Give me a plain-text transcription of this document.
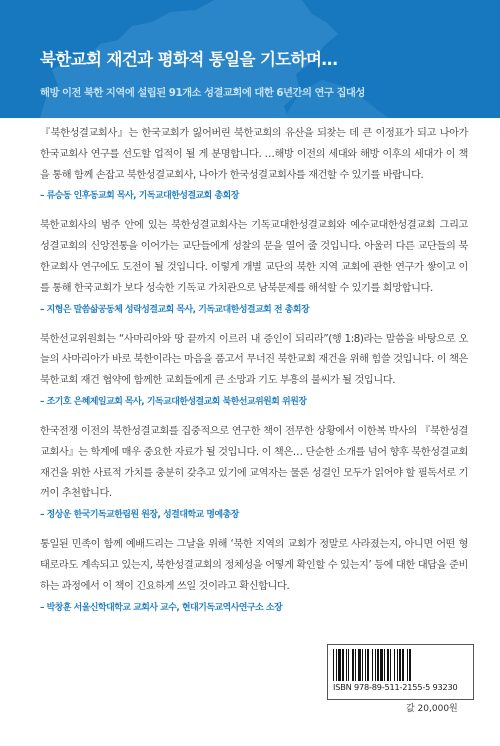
북한교회 재건과 평화적 통일을 기도하며…

해방 이전 북한 지역에 설립된 91개소 성결교회에 대한 6년간의 연구 집대성

『북한성결교회사』는 한국교회가 잃어버린 북한교회의 유산을 되찾는 데 큰 이정표가 되고 나아가 한국교회사 연구를 선도할 업적이 될 게 분명합니다. …해방 이전의 세대와 해방 이후의 세대가 이 책을 통해 함께 손잡고 북한성결교회사, 나아가 한국성결교회사를 재건할 수 있기를 바랍니다.

– 류승동 인후동교회 목사, 기독교대한성결교회 총회장

북한교회사의 범주 안에 있는 북한성결교회사는 기독교대한성결교회와 예수교대한성결교회 그리고 성결교회의 신앙전통을 이어가는 교단들에게 성찰의 문을 열어 줄 것입니다. 아울러 다른 교단들의 북한교회사 연구에도 도전이 될 것입니다. 이렇게 개별 교단의 북한 지역 교회에 관한 연구가 쌓이고 이를 통해 한국교회가 보다 성숙한 기독교 가치관으로 남북문제를 해석할 수 있기를 희망합니다.

– 지형은 말씀삶공동체 성락성결교회 목사, 기독교대한성결교회 전 총회장

북한선교위원회는 “사마리아와 땅 끝까지 이르러 내 증인이 되리라”(행 1:8)라는 말씀을 바탕으로 오늘의 사마리아가 바로 북한이라는 마음을 품고서 무너진 북한교회 재건을 위해 힘쓸 것입니다. 이 책은 북한교회 재건 협약에 함께한 교회들에게 큰 소망과 기도 부흥의 불씨가 될 것입니다.

– 조기호 은혜제일교회 목사, 기독교대한성결교회 북한선교위원회 위원장

한국전쟁 이전의 북한성결교회를 집중적으로 연구한 책이 전무한 상황에서 이한복 박사의 『북한성결교회사』는 학계에 매우 중요한 자료가 될 것입니다. 이 책은… 단순한 소개를 넘어 향후 북한성결교회 재건을 위한 사료적 가치를 충분히 갖추고 있기에 교역자는 물론 성결인 모두가 읽어야 할 필독서로 기꺼이 추천합니다.

– 정상운 한국기독교한림원 원장, 성결대학교 명예총장

통일된 민족이 함께 예배드리는 그날을 위해 ‘북한 지역의 교회가 정말로 사라졌는지, 아니면 어떤 형태로라도 계속되고 있는지, 북한성결교회의 정체성을 어떻게 확인할 수 있는지’ 등에 대한 대답을 준비하는 과정에서 이 책이 긴요하게 쓰일 것이라고 확신합니다.

– 박창훈 서울신학대학교 교회사 교수, 현대기독교역사연구소 소장

ISBN 978-89-511-2155-5 93230

값 20,000원
